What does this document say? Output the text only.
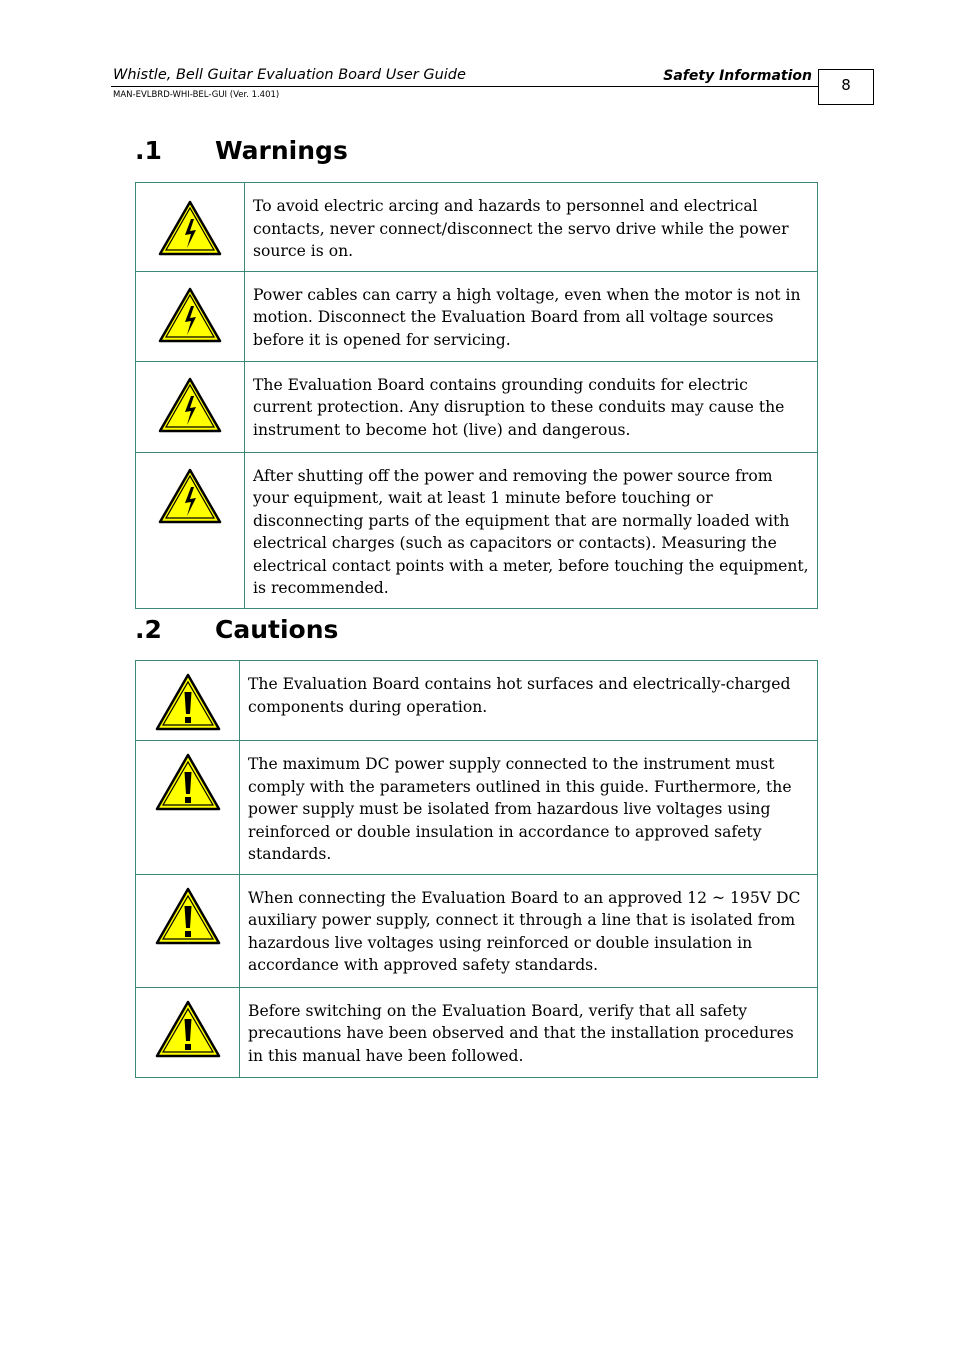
Whistle, Bell Guitar Evaluation Board User Guide	Safety Information
MAN-EVLBRD-WHI-BEL-GUI (Ver. 1.401)
8
.1	Warnings
	To avoid electric arcing and hazards to personnel and electrical contacts, never connect/disconnect the servo drive while the power source is on.

	Power cables can carry a high voltage, even when the motor is not in motion. Disconnect the Evaluation Board from all voltage sources before it is opened for servicing.

	The Evaluation Board contains grounding conduits for electric current protection. Any disruption to these conduits may cause the instrument to become hot (live) and dangerous.

	After shutting off the power and removing the power source from your equipment, wait at least 1 minute before touching or disconnecting parts of the equipment that are normally loaded with electrical charges (such as capacitors or contacts). Measuring the electrical contact points with a meter, before touching the equipment, is recommended.
.2	Cautions
	The Evaluation Board contains hot surfaces and electrically-charged components during operation.

	The maximum DC power supply connected to the instrument must comply with the parameters outlined in this guide. Furthermore, the power supply must be isolated from hazardous live voltages using reinforced or double insulation in accordance to approved safety standards.

	When connecting the Evaluation Board to an approved 12 ~ 195V DC auxiliary power supply, connect it through a line that is isolated from hazardous live voltages using reinforced or double insulation in accordance with approved safety standards.

	Before switching on the Evaluation Board, verify that all safety precautions have been observed and that the installation procedures in this manual have been followed.
